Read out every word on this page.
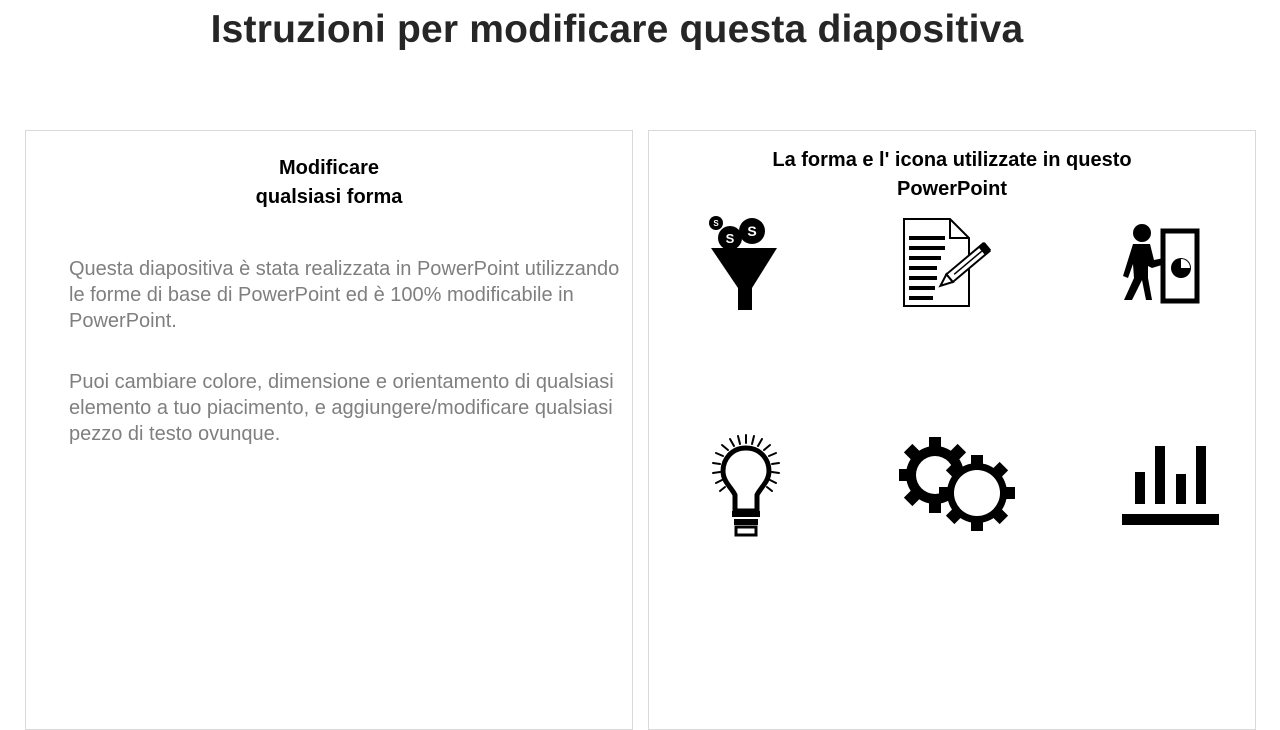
Istruzioni per modificare questa diapositiva
Modificare
qualsiasi forma
Questa diapositiva è stata realizzata in PowerPoint utilizzando le forme di base di PowerPoint ed è 100% modificabile in PowerPoint.
Puoi cambiare colore, dimensione e orientamento di qualsiasi elemento a tuo piacimento, e aggiungere/modificare qualsiasi pezzo di testo ovunque.
La forma e l' icona utilizzate in questo
PowerPoint
S
S S
